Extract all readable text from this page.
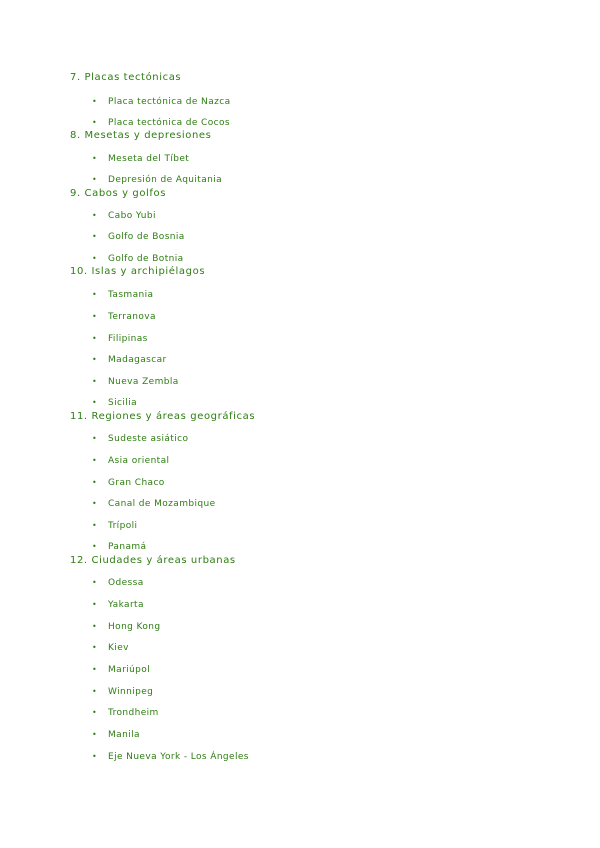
7. Placas tectónicas
• Placa tectónica de Nazca
• Placa tectónica de Cocos
8. Mesetas y depresiones
• Meseta del Tíbet
• Depresión de Aquitania
9. Cabos y golfos
• Cabo Yubi
• Golfo de Bosnia
• Golfo de Botnia
10. Islas y archipiélagos
• Tasmania
• Terranova
• Filipinas
• Madagascar
• Nueva Zembla
• Sicilia
11. Regiones y áreas geográficas
• Sudeste asiático
• Asia oriental
• Gran Chaco
• Canal de Mozambique
• Trípoli
• Panamá
12. Ciudades y áreas urbanas
• Odessa
• Yakarta
• Hong Kong
• Kiev
• Mariúpol
• Winnipeg
• Trondheim
• Manila
• Eje Nueva York - Los Ángeles
